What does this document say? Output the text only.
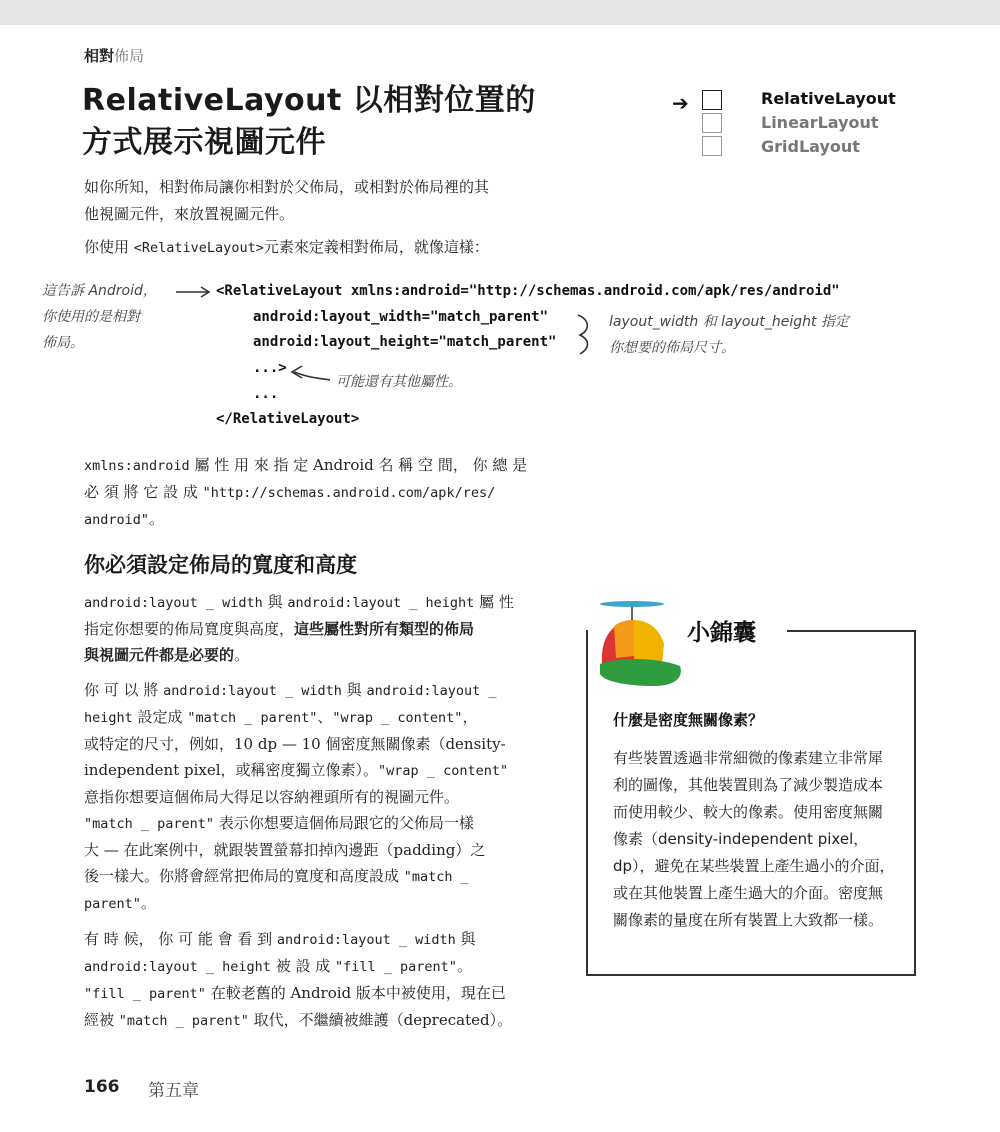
相對佈局
RelativeLayout 以相對位置的
方式展示視圖元件
➔	RelativeLayout
LinearLayout
GridLayout
如你所知，相對佈局讓你相對於父佈局，或相對於佈局裡的其
他視圖元件，來放置視圖元件。
你使用 <RelativeLayout>元素來定義相對佈局，就像這樣：
<RelativeLayout xmlns:android="http://schemas.android.com/apk/res/android"
android:layout_width="match_parent"
android:layout_height="match_parent"
...>
...
</RelativeLayout>
這告訴 Android，
你使用的是相對
佈局。
layout_width 和 layout_height 指定
你想要的佈局尺寸。
可能還有其他屬性。
xmlns:android 屬 性 用 來 指 定 Android 名 稱 空 間， 你 總 是
必 須 將 它 設 成 "http://schemas.android.com/apk/res/
android"。
你必須設定佈局的寬度和高度

android:layout _ width 與 android:layout _ height 屬 性
指定你想要的佈局寬度與高度，這些屬性對所有類型的佈局
與視圖元件都是必要的。

你 可 以 將 android:layout _ width 與 android:layout _
height 設定成 "match _ parent"、"wrap _ content"，
或特定的尺寸，例如，10 dp — 10 個密度無關像素（density-
independent pixel，或稱密度獨立像素）。"wrap _ content"
意指你想要這個佈局大得足以容納裡頭所有的視圖元件。
"match _ parent" 表示你想要這個佈局跟它的父佈局一樣
大 — 在此案例中，就跟裝置螢幕扣掉內邊距（padding）之
後一樣大。你將會經常把佈局的寬度和高度設成 "match _
parent"。

有 時 候， 你 可 能 會 看 到 android:layout _ width 與
android:layout _ height 被 設 成 "fill _ parent"。
"fill _ parent" 在較老舊的 Android 版本中被使用，現在已
經被 "match _ parent" 取代，不繼續被維護（deprecated）。

小錦囊
什麼是密度無關像素？
有些裝置透過非常細微的像素建立非常犀利的圖像，其他裝置則為了減少製造成本而使用較少、較大的像素。使用密度無關像素（density-independent pixel，dp），避免在某些裝置上產生過小的介面，或在其他裝置上產生過大的介面。密度無關像素的量度在所有裝置上大致都一樣。
166 第五章
